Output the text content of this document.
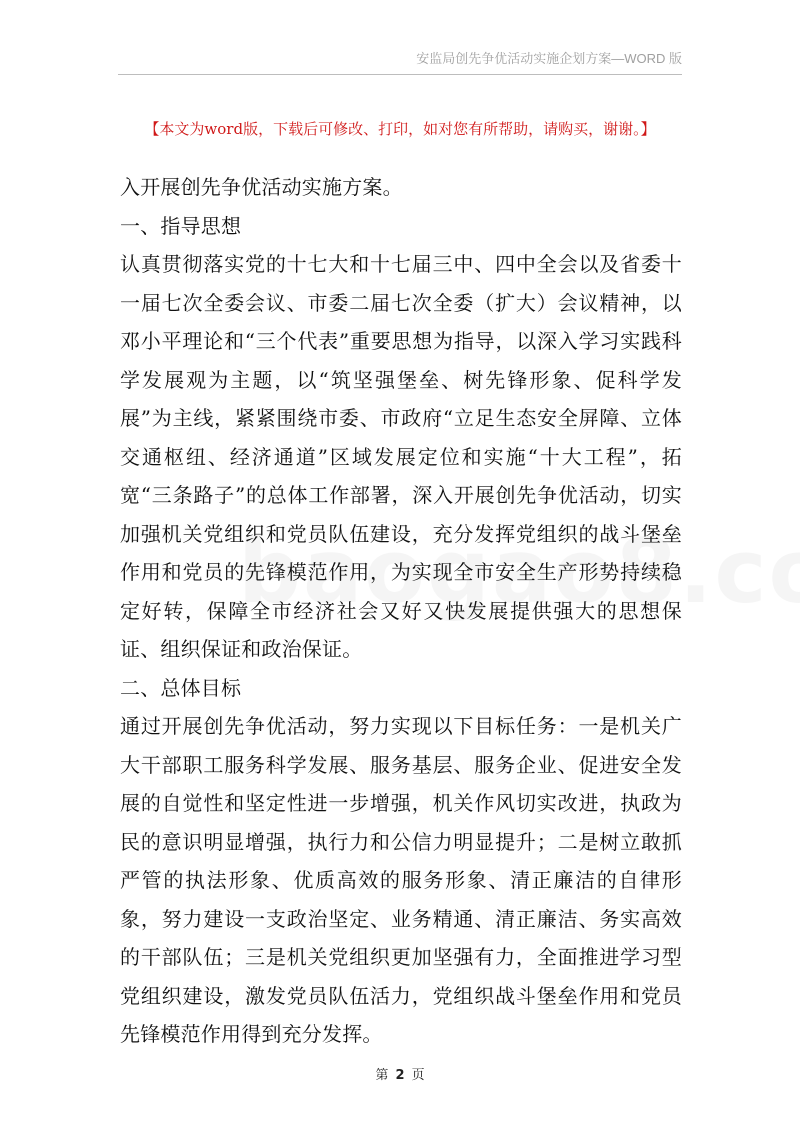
安监局创先争优活动实施企划方案—WORD 版
【本文为word版，下载后可修改、打印，如对您有所帮助，请购买，谢谢。】

入开展创先争优活动实施方案。

一、指导思想

认真贯彻落实党的十七大和十七届三中、四中全会以及省委十一届七次全委会议、市委二届七次全委（扩大）会议精神，以邓小平理论和“三个代表”重要思想为指导，以深入学习实践科学发展观为主题，以“筑坚强堡垒、树先锋形象、促科学发展”为主线，紧紧围绕市委、市政府“立足生态安全屏障、立体交通枢纽、经济通道”区域发展定位和实施“十大工程”，拓宽“三条路子”的总体工作部署，深入开展创先争优活动，切实加强机关党组织和党员队伍建设，充分发挥党组织的战斗堡垒作用和党员的先锋模范作用，为实现全市安全生产形势持续稳定好转，保障全市经济社会又好又快发展提供强大的思想保证、组织保证和政治保证。

二、总体目标

通过开展创先争优活动，努力实现以下目标任务：一是机关广大干部职工服务科学发展、服务基层、服务企业、促进安全发展的自觉性和坚定性进一步增强，机关作风切实改进，执政为民的意识明显增强，执行力和公信力明显提升；二是树立敢抓严管的执法形象、优质高效的服务形象、清正廉洁的自律形象，努力建设一支政治坚定、业务精通、清正廉洁、务实高效的干部队伍；三是机关党组织更加坚强有力，全面推进学习型党组织建设，激发党员队伍活力，党组织战斗堡垒作用和党员先锋模范作用得到充分发挥。

第 2 页
